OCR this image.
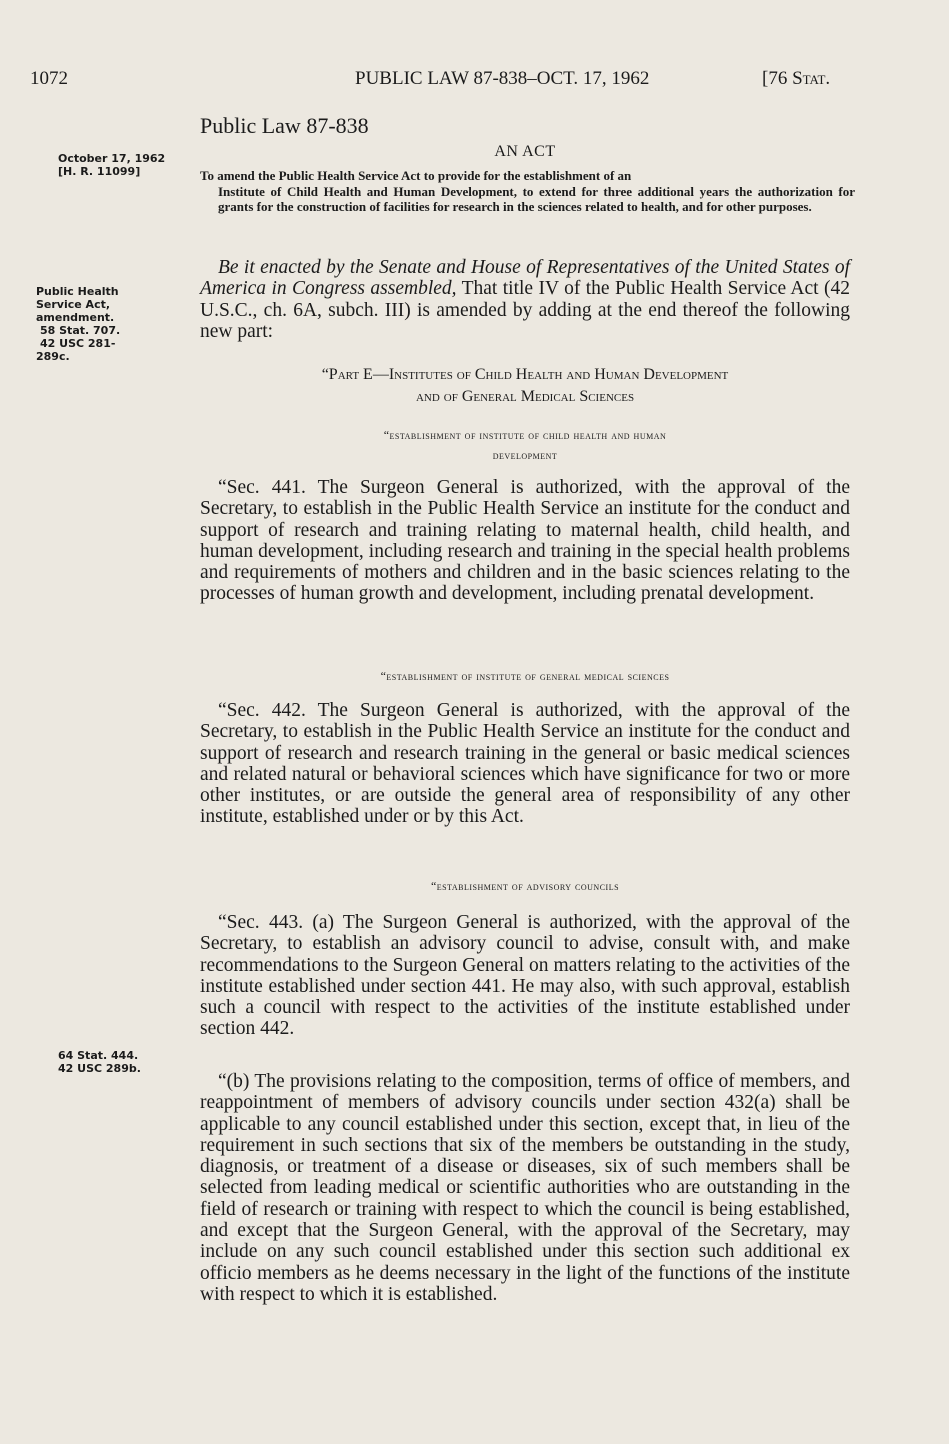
1072	PUBLIC LAW 87-838–OCT. 17, 1962	[76 Stat.
Public Law 87-838
AN ACT
October 17, 1962
[H. R. 11099]
Public Health
Service Act,
amendment.
58 Stat. 707.
42 USC 281-
289c.
64 Stat. 444.
42 USC 289b.
To amend the Public Health Service Act to provide for the establishment of an
Institute of Child Health and Human Development, to extend for three additional years the authorization for grants for the construction of facilities for research in the sciences related to health, and for other purposes.
Be it enacted by the Senate and House of Representatives of the United States of America in Congress assembled, That title IV of the Public Health Service Act (42 U.S.C., ch. 6A, subch. III) is amended by adding at the end thereof the following new part:
“Part E—Institutes of Child Health and Human Development
and of General Medical Sciences
“establishment of institute of child health and human
development
“Sec. 441. The Surgeon General is authorized, with the approval of the Secretary, to establish in the Public Health Service an institute for the conduct and support of research and training relating to maternal health, child health, and human development, including research and training in the special health problems and requirements of mothers and children and in the basic sciences relating to the processes of human growth and development, including prenatal development.
“establishment of institute of general medical sciences
“Sec. 442. The Surgeon General is authorized, with the approval of the Secretary, to establish in the Public Health Service an institute for the conduct and support of research and research training in the general or basic medical sciences and related natural or behavioral sciences which have significance for two or more other institutes, or are outside the general area of responsibility of any other institute, established under or by this Act.
“establishment of advisory councils
“Sec. 443. (a) The Surgeon General is authorized, with the approval of the Secretary, to establish an advisory council to advise, consult with, and make recommendations to the Surgeon General on matters relating to the activities of the institute established under section 441. He may also, with such approval, establish such a council with respect to the activities of the institute established under section 442.
“(b) The provisions relating to the composition, terms of office of members, and reappointment of members of advisory councils under section 432(a) shall be applicable to any council established under this section, except that, in lieu of the requirement in such sections that six of the members be outstanding in the study, diagnosis, or treatment of a disease or diseases, six of such members shall be selected from leading medical or scientific authorities who are outstanding in the field of research or training with respect to which the council is being established, and except that the Surgeon General, with the approval of the Secretary, may include on any such council established under this section such additional ex officio members as he deems necessary in the light of the functions of the institute with respect to which it is established.
